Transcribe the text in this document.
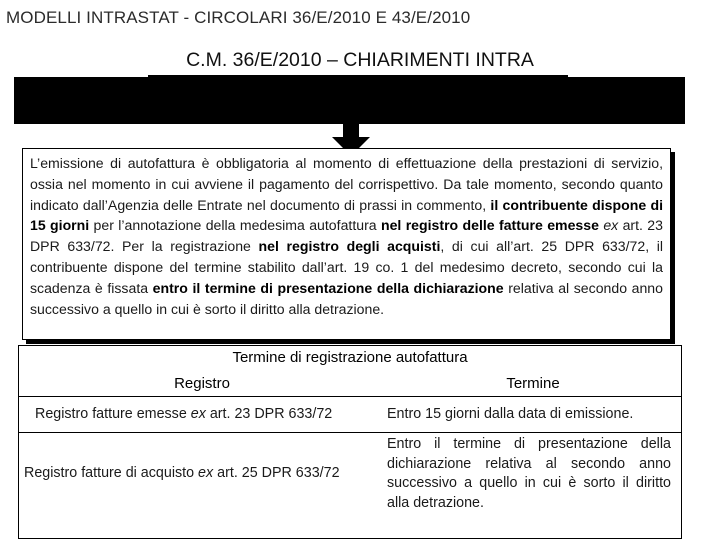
MODELLI INTRASTAT - CIRCOLARI 36/E/2010 E 43/E/2010
C.M. 36/E/2010 – CHIARIMENTI INTRA

L’emissione di autofattura è obbligatoria al momento di effettuazione della prestazioni di servizio, ossia nel momento in cui avviene il pagamento del corrispettivo. Da tale momento, secondo quanto indicato dall’Agenzia delle Entrate nel documento di prassi in commento, il contribuente dispone di 15 giorni per l’annotazione della medesima autofattura nel registro delle fatture emesse ex art. 23 DPR 633/72. Per la registrazione nel registro degli acquisti, di cui all’art. 25 DPR 633/72, il contribuente dispone del termine stabilito dall’art. 19 co. 1 del medesimo decreto, secondo cui la scadenza è fissata entro il termine di presentazione della dichiarazione relativa al secondo anno successivo a quello in cui è sorto il diritto alla detrazione.

Termine di registrazione autofattura
Registro	Termine
Registro fatture emesse ex art. 23 DPR 633/72	Entro 15 giorni dalla data di emissione.
Registro fatture di acquisto ex art. 25 DPR 633/72
Entro il termine di presentazione della dichiarazione relativa al secondo anno successivo a quello in cui è sorto il diritto alla detrazione.
